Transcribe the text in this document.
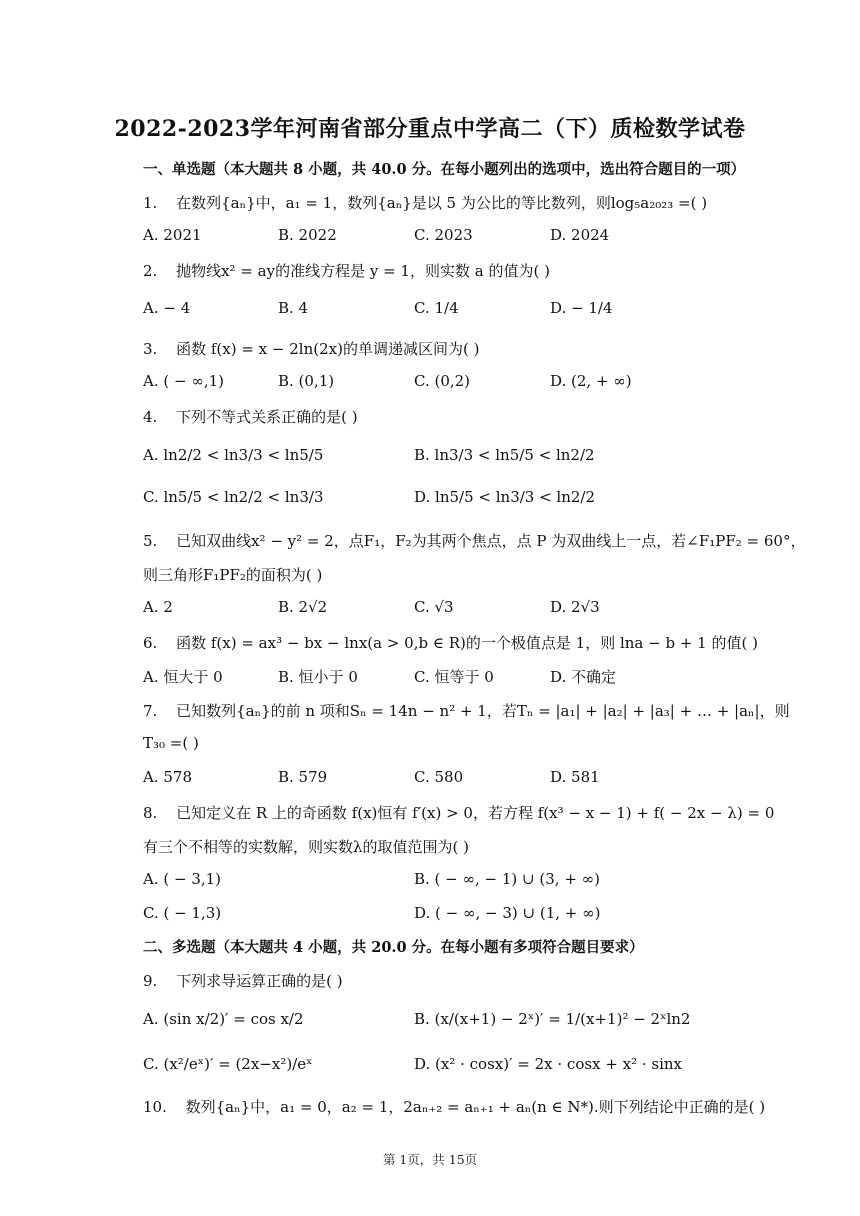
2022-2023学年河南省部分重点中学高二（下）质检数学试卷
一、单选题（本大题共 8 小题，共 40.0 分。在每小题列出的选项中，选出符合题目的一项）
1. 在数列{aₙ}中，a₁ = 1，数列{aₙ}是以 5 为公比的等比数列，则log₅a₂₀₂₃ =( )
A. 2021	B. 2022	C. 2023	D. 2024
2. 抛物线x² = ay的准线方程是 y = 1，则实数 a 的值为( )
A. − 4	B. 4	C. 1/4	D. − 1/4
3. 函数 f(x) = x − 2ln(2x)的单调递减区间为( )
A. ( − ∞,1)	B. (0,1)	C. (0,2)	D. (2, + ∞)
4. 下列不等式关系正确的是( )
A. ln2/2 < ln3/3 < ln5/5	B. ln3/3 < ln5/5 < ln2/2
C. ln5/5 < ln2/2 < ln3/3	D. ln5/5 < ln3/3 < ln2/2
5. 已知双曲线x² − y² = 2，点F₁，F₂为其两个焦点，点 P 为双曲线上一点，若∠F₁PF₂ = 60°，
则三角形F₁PF₂的面积为( )
A. 2	B. 2√2	C. √3	D. 2√3
6. 函数 f(x) = ax³ − bx − lnx(a > 0,b ∈ R)的一个极值点是 1，则 lna − b + 1 的值( )
A. 恒大于 0	B. 恒小于 0	C. 恒等于 0	D. 不确定
7. 已知数列{aₙ}的前 n 项和Sₙ = 14n − n² + 1，若Tₙ = |a₁| + |a₂| + |a₃| + … + |aₙ|，则
T₃₀ =( )
A. 578	B. 579	C. 580	D. 581
8. 已知定义在 R 上的奇函数 f(x)恒有 f′(x) > 0，若方程 f(x³ − x − 1) + f( − 2x − λ) = 0
有三个不相等的实数解，则实数λ的取值范围为( )
A. ( − 3,1)	B. ( − ∞, − 1) ∪ (3, + ∞)
C. ( − 1,3)	D. ( − ∞, − 3) ∪ (1, + ∞)
二、多选题（本大题共 4 小题，共 20.0 分。在每小题有多项符合题目要求）
9. 下列求导运算正确的是( )
A. (sin x/2)′ = cos x/2	B. (x/(x+1) − 2ˣ)′ = 1/(x+1)² − 2ˣln2
C. (x²/eˣ)′ = (2x−x²)/eˣ	D. (x² · cosx)′ = 2x · cosx + x² · sinx
10. 数列{aₙ}中，a₁ = 0，a₂ = 1，2aₙ₊₂ = aₙ₊₁ + aₙ(n ∈ N*).则下列结论中正确的是( )
第 1页，共 15页
